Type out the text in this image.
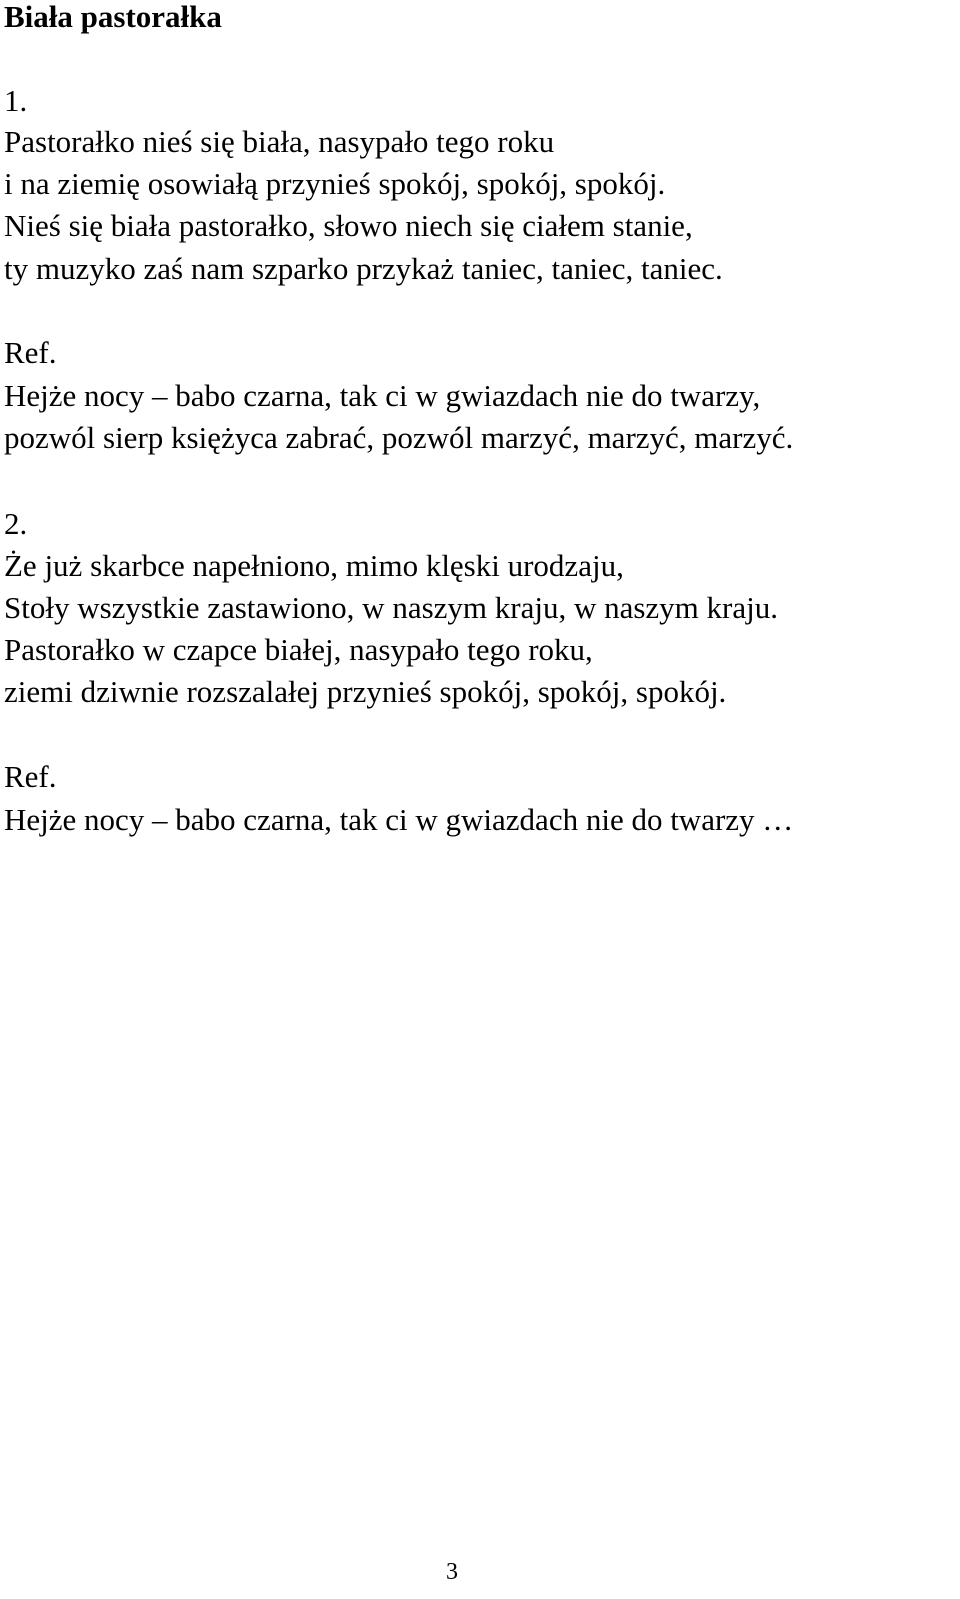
Biała pastorałka
1.
Pastorałko nieś się biała, nasypało tego roku
i na ziemię osowiałą przynieś spokój, spokój, spokój.
Nieś się biała pastorałko, słowo niech się ciałem stanie,
ty muzyko zaś nam szparko przykaż taniec, taniec, taniec.
Ref.
Hejże nocy – babo czarna, tak ci w gwiazdach nie do twarzy,
pozwól sierp księżyca zabrać, pozwól marzyć, marzyć, marzyć.
2.
Że już skarbce napełniono, mimo klęski urodzaju,
Stoły wszystkie zastawiono, w naszym kraju, w naszym kraju.
Pastorałko w czapce białej, nasypało tego roku,
ziemi dziwnie rozszalałej przynieś spokój, spokój, spokój.
Ref.
Hejże nocy – babo czarna, tak ci w gwiazdach nie do twarzy …
3
